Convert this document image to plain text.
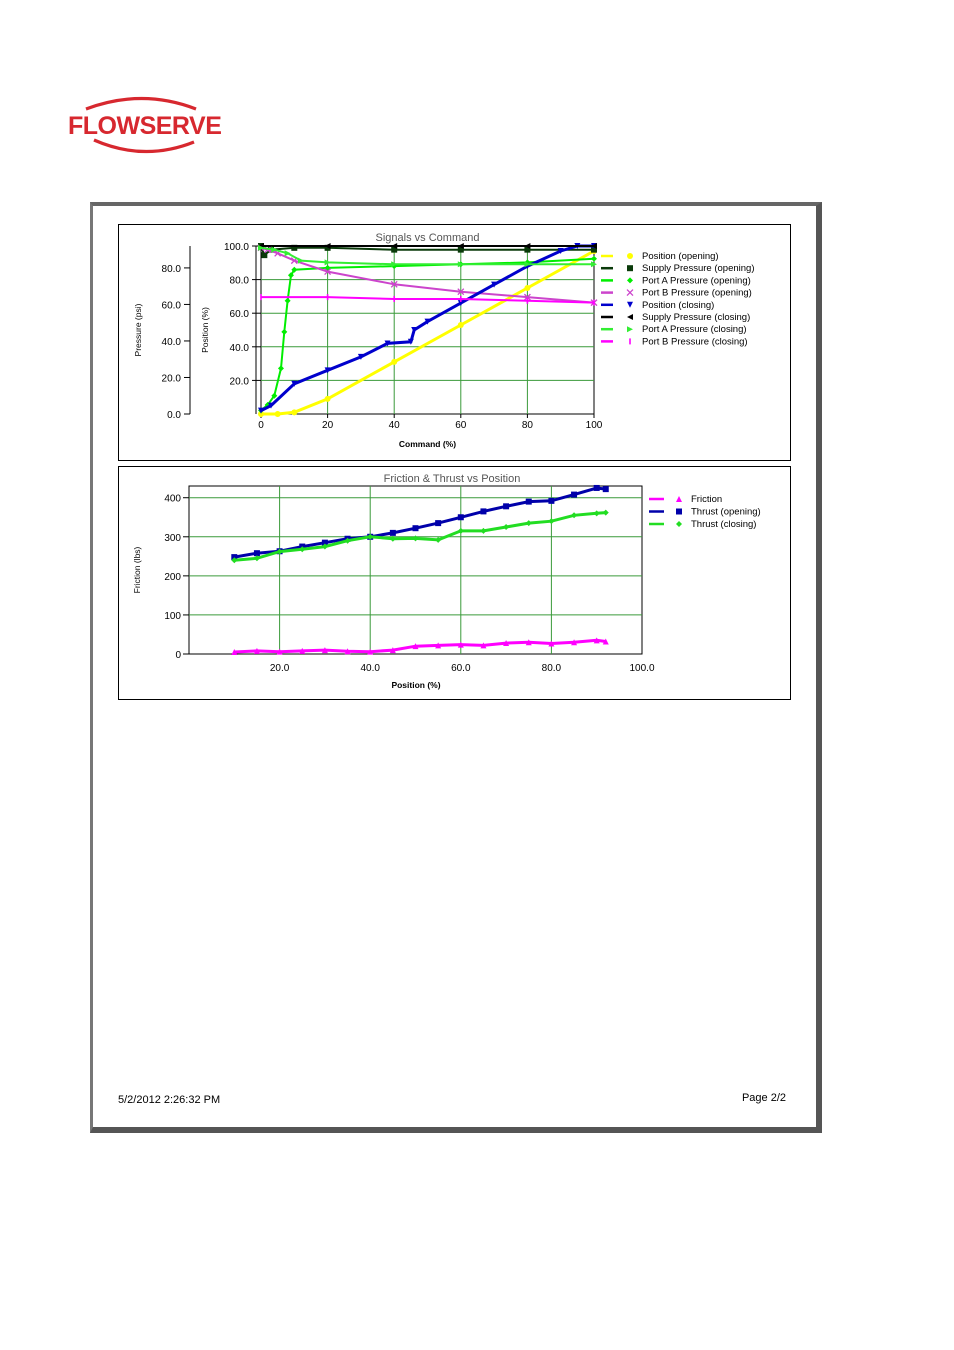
FLOWSERVE
Signals vs Command
0	20	40	60	80	100
20.0
40.0
60.0
80.0
100.0
0.0
20.0
40.0
60.0
80.0
Command (%)
Pressure (psi)	Position (%)
Position (opening)
Supply Pressure (opening)
Port A Pressure (opening)
Port B Pressure (opening)
Position (closing)
Supply Pressure (closing)
Port A Pressure (closing)
Port B Pressure (closing)
Friction & Thrust vs Position
20.0	40.0	60.0	80.0	100.0
0
100
200
300
400
Position (%)
Friction (lbs)
Friction
Thrust (opening)
Thrust (closing)
5/2/2012 2:26:32 PM	Page 2/2
